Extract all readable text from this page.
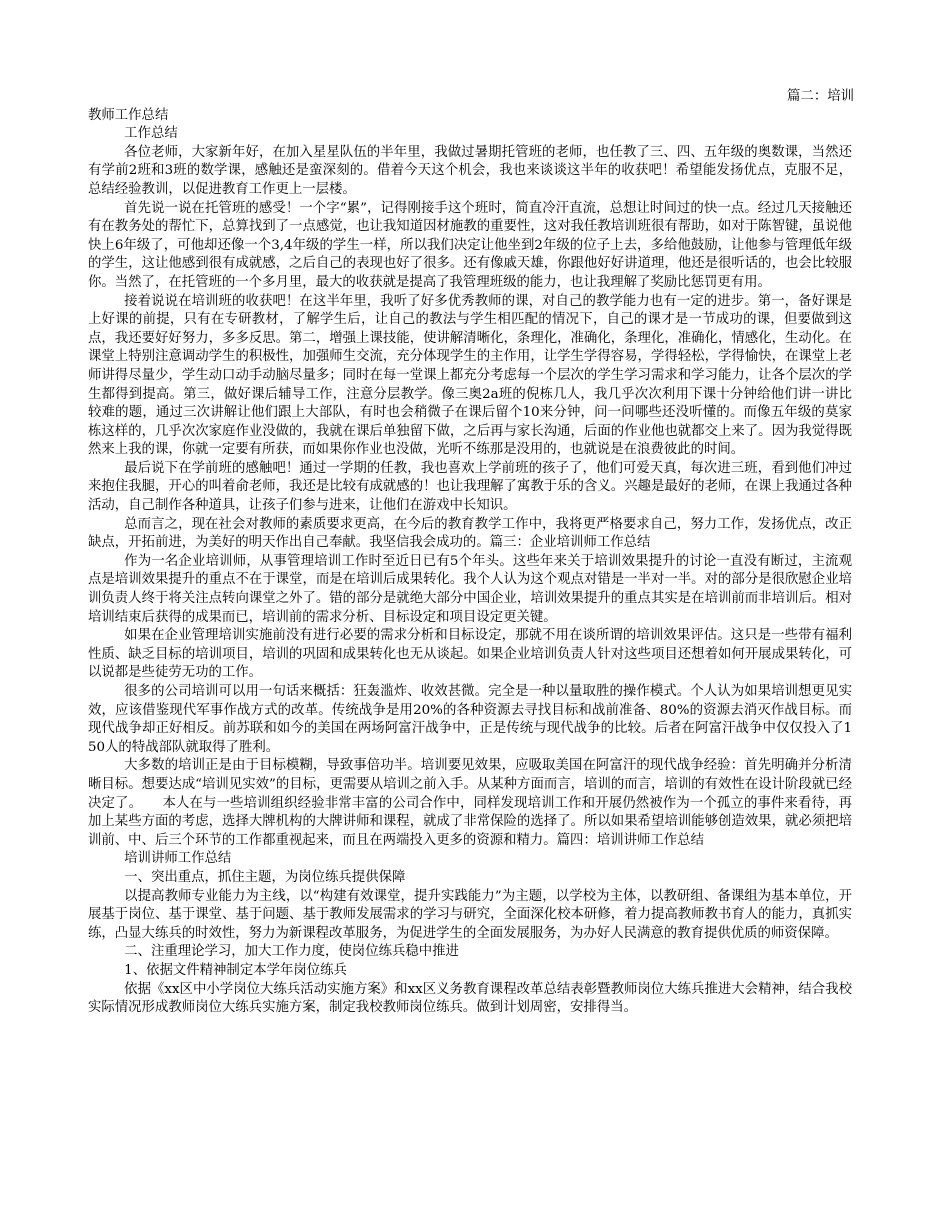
篇二：培训

教师工作总结

工作总结

各位老师，大家新年好，在加入星星队伍的半年里，我做过暑期托管班的老师，也任教了三、四、五年级的奥数课，当然还有学前2班和3班的数学课，感触还是蛮深刻的。借着今天这个机会，我也来谈谈这半年的收获吧！希望能发扬优点，克服不足，总结经验教训，以促进教育工作更上一层楼。

首先说一说在托管班的感受！一个字“累”，记得刚接手这个班时，简直冷汗直流，总想让时间过的快一点。经过几天接触还有在教务处的帮忙下，总算找到了一点感觉，也让我知道因材施教的重要性，这对我任教培训班很有帮助，如对于陈智键，虽说他快上6年级了，可他却还像一个3,4年级的学生一样，所以我们决定让他坐到2年级的位子上去，多给他鼓励，让他参与管理低年级的学生，这让他感到很有成就感，之后自己的表现也好了很多。还有像戚天雄，你跟他好好讲道理，他还是很听话的，也会比较服你。当然了，在托管班的一个多月里，最大的收获就是提高了我管理班级的能力，也让我理解了奖励比惩罚更有用。

接着说说在培训班的收获吧！在这半年里，我听了好多优秀教师的课，对自己的教学能力也有一定的进步。第一，备好课是上好课的前提，只有在专研教材，了解学生后，让自己的教法与学生相匹配的情况下，自己的课才是一节成功的课，但要做到这点，我还要好好努力，多多反思。第二，增强上课技能，使讲解清晰化，条理化，准确化，条理化，准确化，情感化，生动化。在课堂上特别注意调动学生的积极性，加强师生交流，充分体现学生的主作用，让学生学得容易，学得轻松，学得愉快，在课堂上老师讲得尽量少，学生动口动手动脑尽量多；同时在每一堂课上都充分考虑每一个层次的学生学习需求和学习能力，让各个层次的学生都得到提高。第三，做好课后辅导工作，注意分层教学。像三奥2a班的倪栋几人，我几乎次次利用下课十分钟给他们讲一讲比较难的题，通过三次讲解让他们跟上大部队，有时也会稍微子在课后留个10来分钟，问一问哪些还没听懂的。而像五年级的莫家栋这样的，几乎次次家庭作业没做的，我就在课后单独留下做，之后再与家长沟通，后面的作业他也就都交上来了。因为我觉得既然来上我的课，你就一定要有所获，而如果你作业也没做，光听不练那是没用的，也就说是在浪费彼此的时间。

最后说下在学前班的感触吧！通过一学期的任教，我也喜欢上学前班的孩子了，他们可爱天真，每次进三班，看到他们冲过来抱住我腿，开心的叫着俞老师，我还是比较有成就感的！也让我理解了寓教于乐的含义。兴趣是最好的老师，在课上我通过各种活动，自己制作各种道具，让孩子们参与进来，让他们在游戏中长知识。

总而言之，现在社会对教师的素质要求更高，在今后的教育教学工作中，我将更严格要求自己，努力工作，发扬优点，改正缺点，开拓前进，为美好的明天作出自己奉献。我坚信我会成功的。篇三：企业培训师工作总结

作为一名企业培训师，从事管理培训工作时至近日已有5个年头。这些年来关于培训效果提升的讨论一直没有断过，主流观点是培训效果提升的重点不在于课堂，而是在培训后成果转化。我个人认为这个观点对错是一半对一半。对的部分是很欣慰企业培训负责人终于将关注点转向课堂之外了。错的部分是就绝大部分中国企业，培训效果提升的重点其实是在培训前而非培训后。相对培训结束后获得的成果而已，培训前的需求分析、目标设定和项目设定更关键。

如果在企业管理培训实施前没有进行必要的需求分析和目标设定，那就不用在谈所谓的培训效果评估。这只是一些带有福利性质、缺乏目标的培训项目，培训的巩固和成果转化也无从谈起。如果企业培训负责人针对这些项目还想着如何开展成果转化，可以说都是些徒劳无功的工作。

很多的公司培训可以用一句话来概括：狂轰滥炸、收效甚微。完全是一种以量取胜的操作模式。个人认为如果培训想更见实效，应该借鉴现代军事作战方式的改革。传统战争是用20%的各种资源去寻找目标和战前准备、80%的资源去消灭作战目标。而现代战争却正好相反。前苏联和如今的美国在两场阿富汗战争中，正是传统与现代战争的比较。后者在阿富汗战争中仅仅投入了150人的特战部队就取得了胜利。

大多数的培训正是由于目标模糊，导致事倍功半。培训要见效果，应吸取美国在阿富汗的现代战争经验：首先明确并分析清晰目标。想要达成“培训见实效”的目标，更需要从培训之前入手。从某种方面而言，培训的而言，培训的有效性在设计阶段就已经决定了。　　本人在与一些培训组织经验非常丰富的公司合作中，同样发现培训工作和开展仍然被作为一个孤立的事件来看待，再加上某些方面的考虑，选择大牌机构的大牌讲师和课程，就成了非常保险的选择了。所以如果希望培训能够创造效果，就必须把培训前、中、后三个环节的工作都重视起来，而且在两端投入更多的资源和精力。篇四：培训讲师工作总结

培训讲师工作总结

一、突出重点，抓住主题，为岗位练兵提供保障

以提高教师专业能力为主线，以“构建有效课堂，提升实践能力”为主题，以学校为主体，以教研组、备课组为基本单位，开展基于岗位、基于课堂、基于问题、基于教师发展需求的学习与研究，全面深化校本研修，着力提高教师教书育人的能力，真抓实练，凸显大练兵的时效性，努力为新课程改革服务，为促进学生的全面发展服务，为办好人民满意的教育提供优质的师资保障。

二、注重理论学习，加大工作力度，使岗位练兵稳中推进

1、依据文件精神制定本学年岗位练兵

依据《xx区中小学岗位大练兵活动实施方案》和xx区义务教育课程改革总结表彰暨教师岗位大练兵推进大会精神，结合我校实际情况形成教师岗位大练兵实施方案，制定我校教师岗位练兵。做到计划周密，安排得当。
